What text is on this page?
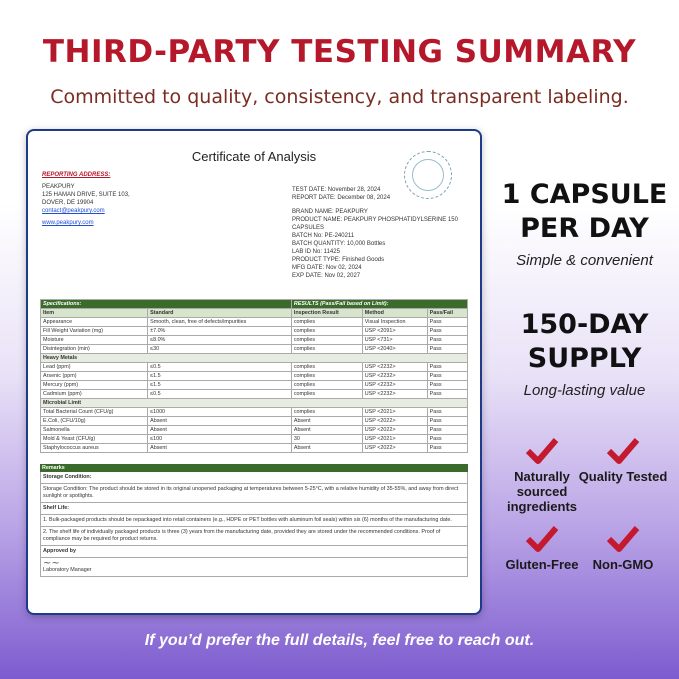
THIRD-PARTY TESTING SUMMARY
Committed to quality, consistency, and transparent labeling.
Certificate of Analysis
REPORTING ADDRESS:
PEAKPURY
125 HAMAN DRIVE, SUITE 103,
DOVER, DE 19904
contact@peakpury.com
www.peakpury.com
TEST DATE: November 28, 2024
REPORT DATE: December 08, 2024
BRAND NAME: PEAKPURY
PRODUCT NAME: PEAKPURY PHOSPHATIDYLSERINE 150 CAPSULES
BATCH No: PE-240211
BATCH QUANTITY: 10,000 Bottles
LAB ID No: 11425
PRODUCT TYPE: Finished Goods
MFG DATE: Nov 02, 2024
EXP DATE: Nov 02, 2027
Specifications:		RESULTS (Pass/Fail based on Limit):		
Item	Standard	Inspection Result	Method	Pass/Fail
Appearance	Smooth, clean, free of defects/impurities	complies	Visual Inspection	Pass
Fill Weight Variation (mg)	±7.0%	complies	USP <2091>	Pass
Moisture	≤8.0%	complies	USP <731>	Pass
Disintegration (min)	≤30	complies	USP <2040>	Pass
Heavy Metals				
Lead (ppm)	≤0.5	complies	USP <2232>	Pass
Arsenic (ppm)	≤1.5	complies	USP <2232>	Pass
Mercury (ppm)	≤1.5	complies	USP <2232>	Pass
Cadmium (ppm)	≤0.5	complies	USP <2232>	Pass
Microbial Limit				
Total Bacterial Count (CFU/g)	≤1000	complies	USP <2021>	Pass
E.Coli, (CFU/10g)	Absent	Absent	USP <2022>	Pass
Salmonella	Absent	Absent	USP <2022>	Pass
Mold & Yeast (CFU/g)	≤100	30	USP <2021>	Pass
Staphylococcus aureus	Absent	Absent	USP <2022>	Pass
Remarks
Storage Condition:
Storage Condition: The product should be stored in its original unopened packaging at temperatures between 5-25°C, with a relative humidity of 35-55%, and away from direct sunlight or spotlights.
Shelf Life:
1. Bulk-packaged products should be repackaged into retail containers (e.g., HDPE or PET bottles with aluminum foil seals) within six (6) months of the manufacturing date.
2. The shelf life of individually packaged products is three (3) years from the manufacturing date, provided they are stored under the recommended conditions. Proof of compliance may be required for product returns.
Approved by
~~
Laboratory Manager
1 CAPSULE
PER DAY
Simple & convenient
150-DAY
SUPPLY
Long-lasting value
Naturally sourced ingredients
Quality Tested
Gluten-Free	Non-GMO
If you’d prefer the full details, feel free to reach out.
